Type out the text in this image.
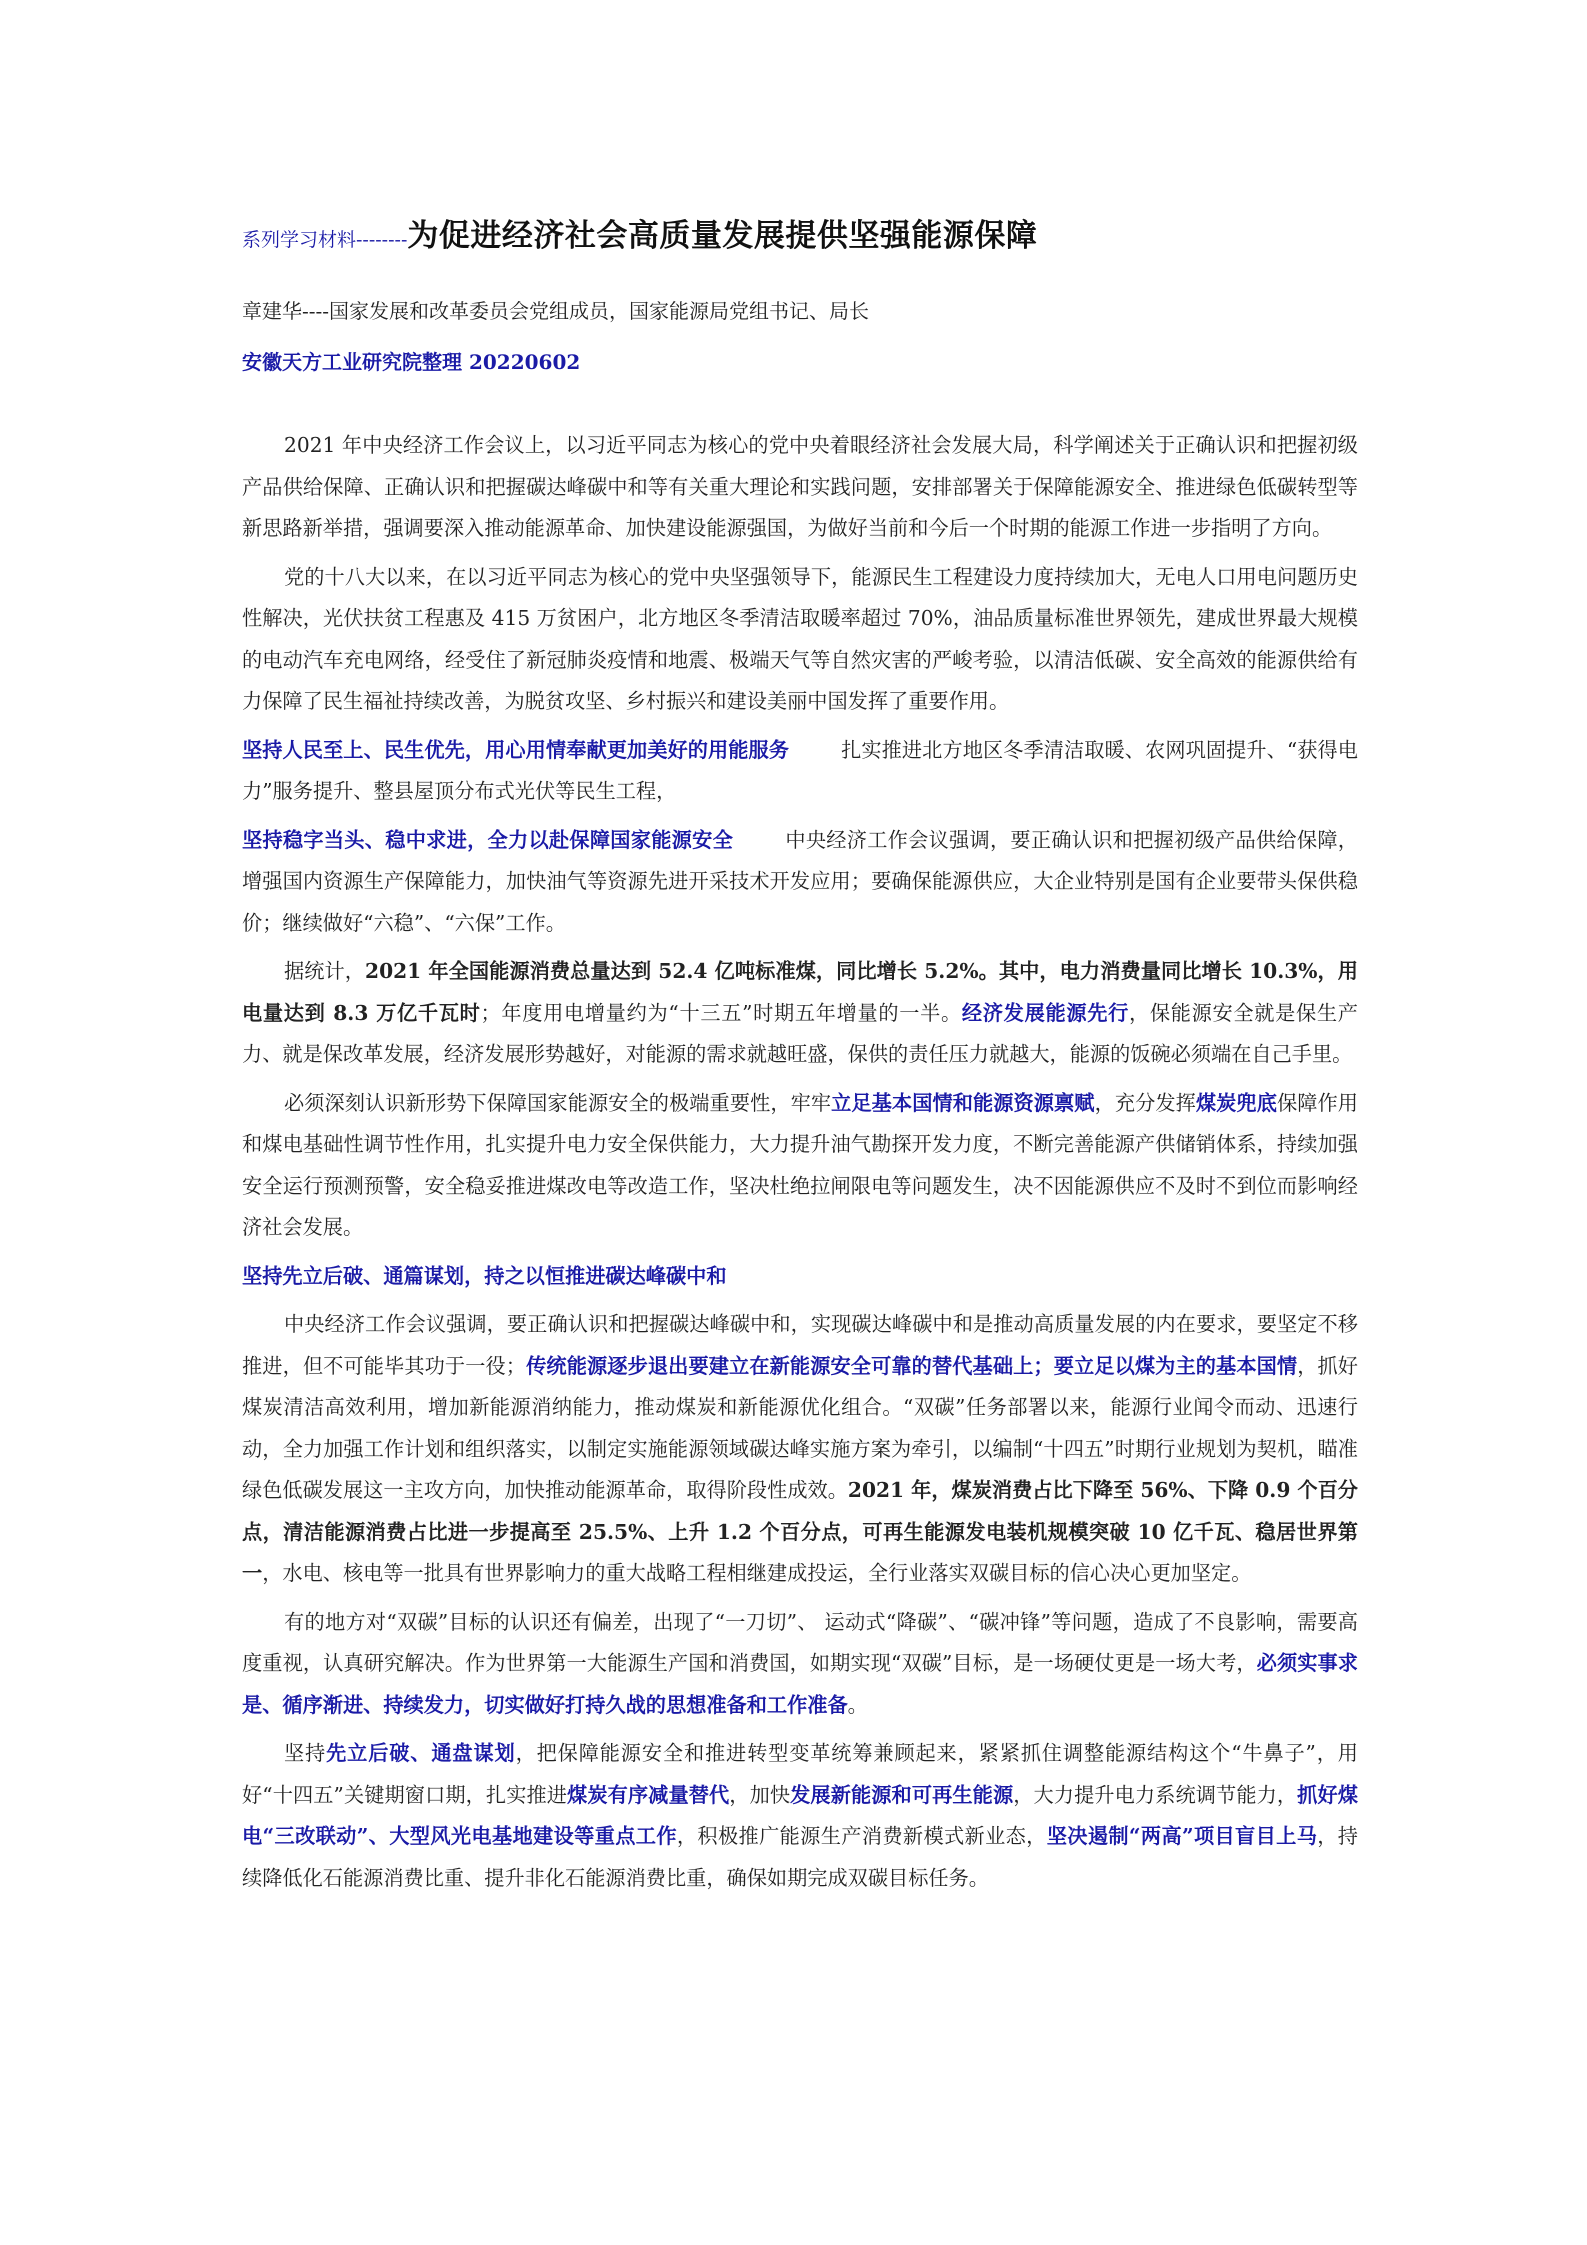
系列学习材料-------- 为促进经济社会高质量发展提供坚强能源保障
章建华----国家发展和改革委员会党组成员，国家能源局党组书记、局长
安徽天方工业研究院整理 20220602

2021 年中央经济工作会议上，以习近平同志为核心的党中央着眼经济社会发展大局，科学阐述关于正确认识和把握初级产品供给保障、正确认识和把握碳达峰碳中和等有关重大理论和实践问题，安排部署关于保障能源安全、推进绿色低碳转型等新思路新举措，强调要深入推动能源革命、加快建设能源强国，为做好当前和今后一个时期的能源工作进一步指明了方向。

党的十八大以来，在以习近平同志为核心的党中央坚强领导下，能源民生工程建设力度持续加大，无电人口用电问题历史性解决，光伏扶贫工程惠及 415 万贫困户，北方地区冬季清洁取暖率超过 70%，油品质量标准世界领先，建成世界最大规模的电动汽车充电网络，经受住了新冠肺炎疫情和地震、极端天气等自然灾害的严峻考验，以清洁低碳、安全高效的能源供给有力保障了民生福祉持续改善，为脱贫攻坚、乡村振兴和建设美丽中国发挥了重要作用。

坚持人民至上、民生优先，用心用情奉献更加美好的用能服务	扎实推进北方地区冬季清洁取暖、农网巩固提升、“获得电力”服务提升、整县屋顶分布式光伏等民生工程，

坚持稳字当头、稳中求进，全力以赴保障国家能源安全	中央经济工作会议强调，要正确认识和把握初级产品供给保障，增强国内资源生产保障能力，加快油气等资源先进开采技术开发应用；要确保能源供应，大企业特别是国有企业要带头保供稳价；继续做好“六稳”、“六保”工作。

据统计，2021 年全国能源消费总量达到 52.4 亿吨标准煤，同比增长 5.2%。其中，电力消费量同比增长 10.3%，用电量达到 8.3 万亿千瓦时；年度用电增量约为“十三五”时期五年增量的一半。经济发展能源先行，保能源安全就是保生产力、就是保改革发展，经济发展形势越好，对能源的需求就越旺盛，保供的责任压力就越大，能源的饭碗必须端在自己手里。

必须深刻认识新形势下保障国家能源安全的极端重要性，牢牢立足基本国情和能源资源禀赋，充分发挥煤炭兜底保障作用和煤电基础性调节性作用，扎实提升电力安全保供能力，大力提升油气勘探开发力度，不断完善能源产供储销体系，持续加强安全运行预测预警，安全稳妥推进煤改电等改造工作，坚决杜绝拉闸限电等问题发生，决不因能源供应不及时不到位而影响经济社会发展。

坚持先立后破、通篇谋划，持之以恒推进碳达峰碳中和

中央经济工作会议强调，要正确认识和把握碳达峰碳中和，实现碳达峰碳中和是推动高质量发展的内在要求，要坚定不移推进，但不可能毕其功于一役；传统能源逐步退出要建立在新能源安全可靠的替代基础上；要立足以煤为主的基本国情，抓好煤炭清洁高效利用，增加新能源消纳能力，推动煤炭和新能源优化组合。“双碳”任务部署以来，能源行业闻令而动、迅速行动，全力加强工作计划和组织落实，以制定实施能源领域碳达峰实施方案为牵引，以编制“十四五”时期行业规划为契机，瞄准绿色低碳发展这一主攻方向，加快推动能源革命，取得阶段性成效。2021 年，煤炭消费占比下降至 56%、下降 0.9 个百分点，清洁能源消费占比进一步提高至 25.5%、上升 1.2 个百分点，可再生能源发电装机规模突破 10 亿千瓦、稳居世界第一，水电、核电等一批具有世界影响力的重大战略工程相继建成投运，全行业落实双碳目标的信心决心更加坚定。

有的地方对“双碳”目标的认识还有偏差，出现了“一刀切”、 运动式“降碳”、“碳冲锋”等问题，造成了不良影响，需要高度重视，认真研究解决。作为世界第一大能源生产国和消费国，如期实现“双碳”目标，是一场硬仗更是一场大考，必须实事求是、循序渐进、持续发力，切实做好打持久战的思想准备和工作准备。

坚持先立后破、通盘谋划，把保障能源安全和推进转型变革统筹兼顾起来，紧紧抓住调整能源结构这个“牛鼻子”，用好“十四五”关键期窗口期，扎实推进煤炭有序减量替代，加快发展新能源和可再生能源，大力提升电力系统调节能力，抓好煤电“三改联动”、大型风光电基地建设等重点工作，积极推广能源生产消费新模式新业态，坚决遏制“两高”项目盲目上马，持续降低化石能源消费比重、提升非化石能源消费比重，确保如期完成双碳目标任务。
